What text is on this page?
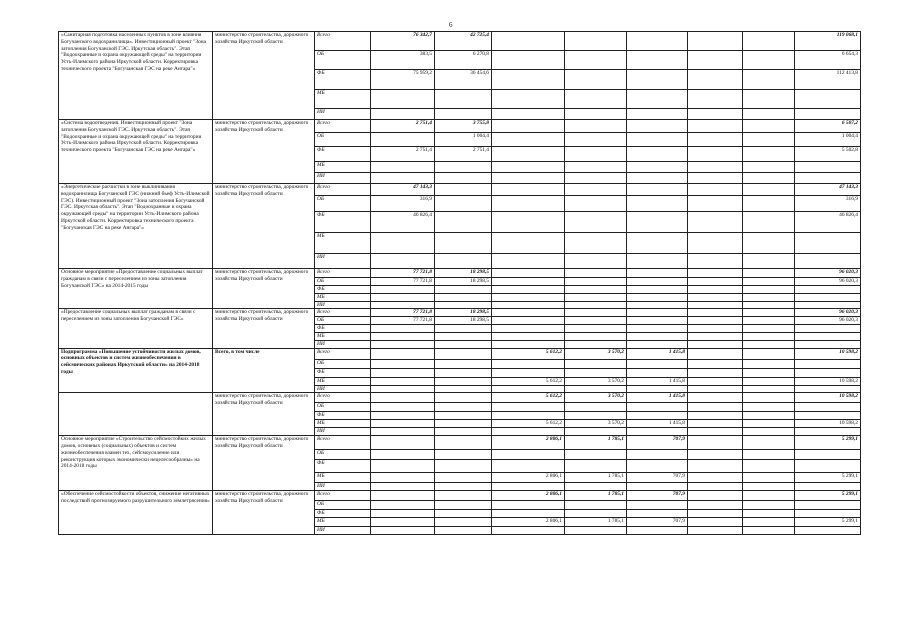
6
«Санитарная подготовка населенных пунктов в зоне влияния Богучанского водохранилища». Инвестиционный проект "Зона затопления Богучанской ГЭС. Иркутская область". Этап "Водоохранные и охрана окружающей среды" на территории Усть-Илимского района Иркутской области. Корректировка технического проекта "Богучанская ГЭС на реке Ангара"»	министерство строительства, дорожного хозяйства Иркутской области	Всего	76 342,7	42 725,4						119 068,1
		ОБ	383,5	6 270,8						6 654,3
		ФБ	75 959,2	36 454,6						112 413,8
		МБ								
		ИИ								
«Система водоотведения. Инвестиционный проект "Зона затопления Богучанской ГЭС. Иркутская область". Этап "Водоохранные и охрана окружающей среды" на территории Усть-Илимского района Иркутской области. Корректировка технического проекта "Богучанская ГЭС на реке Ангара"»	министерство строительства, дорожного хозяйства Иркутской области	Всего	2 751,4	3 755,8						6 507,2
		ОБ		1 004,4						1 004,4
		ФБ	2 751,4	2 751,4						5 502,8
		МБ								
		ИИ								
«Энергетические расчистки в зоне выклинивания водохранилища Богучанской ГЭС (нижний бьеф Усть-Илимской ГЭС). Инвестиционный проект "Зона затопления Богучанской ГЭС. Иркутская область". Этап "Водоохранные и охрана окружающей среды" на территории Усть-Илимского района Иркутской области. Корректировка технического проекта "Богучанская ГЭС на реке Ангара"»	министерство строительства, дорожного хозяйства Иркутской области	Всего	47 143,3							47 143,3
		ОБ	316,9							316,9
		ФБ	46 826,4							46 826,4
		МБ								
		ИИ								
Основное мероприятие «Предоставление социальных выплат гражданам в связи с переселением из зоны затопления Богучанской ГЭС» на 2014-2015 годы	министерство строительства, дорожного хозяйства Иркутской области	Всего	77 721,8	18 298,5						96 020,3
		ОБ	77 721,8	18 298,5						96 020,3
		ФБ								
		МБ								
		ИИ								
«Предоставление социальных выплат гражданам в связи с переселением из зоны затопления Богучанской ГЭС»	министерство строительства, дорожного хозяйства Иркутской области	Всего	77 721,8	18 298,5						96 020,3
		ОБ	77 721,8	18 298,5						96 020,3
		ФБ								
		МБ								
		ИИ								
Подпрограмма «Повышение устойчивости жилых домов, основных объектов и систем жизнеобеспечения в сейсмических районах Иркутской области» на 2014-2018 годы	Всего, в том числе	Всего			5 612,2	3 570,2	1 415,8			10 598,2
		ОБ								
		ФБ								
		МБ			5 612,2	3 570,2	1 415,8			10 598,2
		ИИ								
	министерство строительства, дорожного хозяйства Иркутской области	Всего			5 612,2	3 570,2	1 415,8			10 598,2
		ОБ								
		ФБ								
		МБ			5 612,2	3 570,2	1 415,8			10 598,2
		ИИ								
Основное мероприятие «Строительство сейсмостойких жилых домов, основных (социальных) объектов и систем жизнеобеспечения взамен тех, сейсмоусиление или реконструкция которых экономически нецелесообразны» на 2014-2018 годы	министерство строительства, дорожного хозяйства Иркутской области	Всего			2 806,1	1 785,1	707,9			5 299,1
		ОБ								
		ФБ								
		МБ			2 806,1	1 785,1	707,9			5 299,1
		ИИ								
«Обеспечение сейсмостойкости объектов, снижение негативных последствий прогнозируемого разрушительного землетрясения»	министерство строительства, дорожного хозяйства Иркутской области	Всего			2 806,1	1 785,1	707,9			5 299,1
		ОБ								
		ФБ								
		МБ			2 806,1	1 785,1	707,9			5 299,1
		ИИ								
